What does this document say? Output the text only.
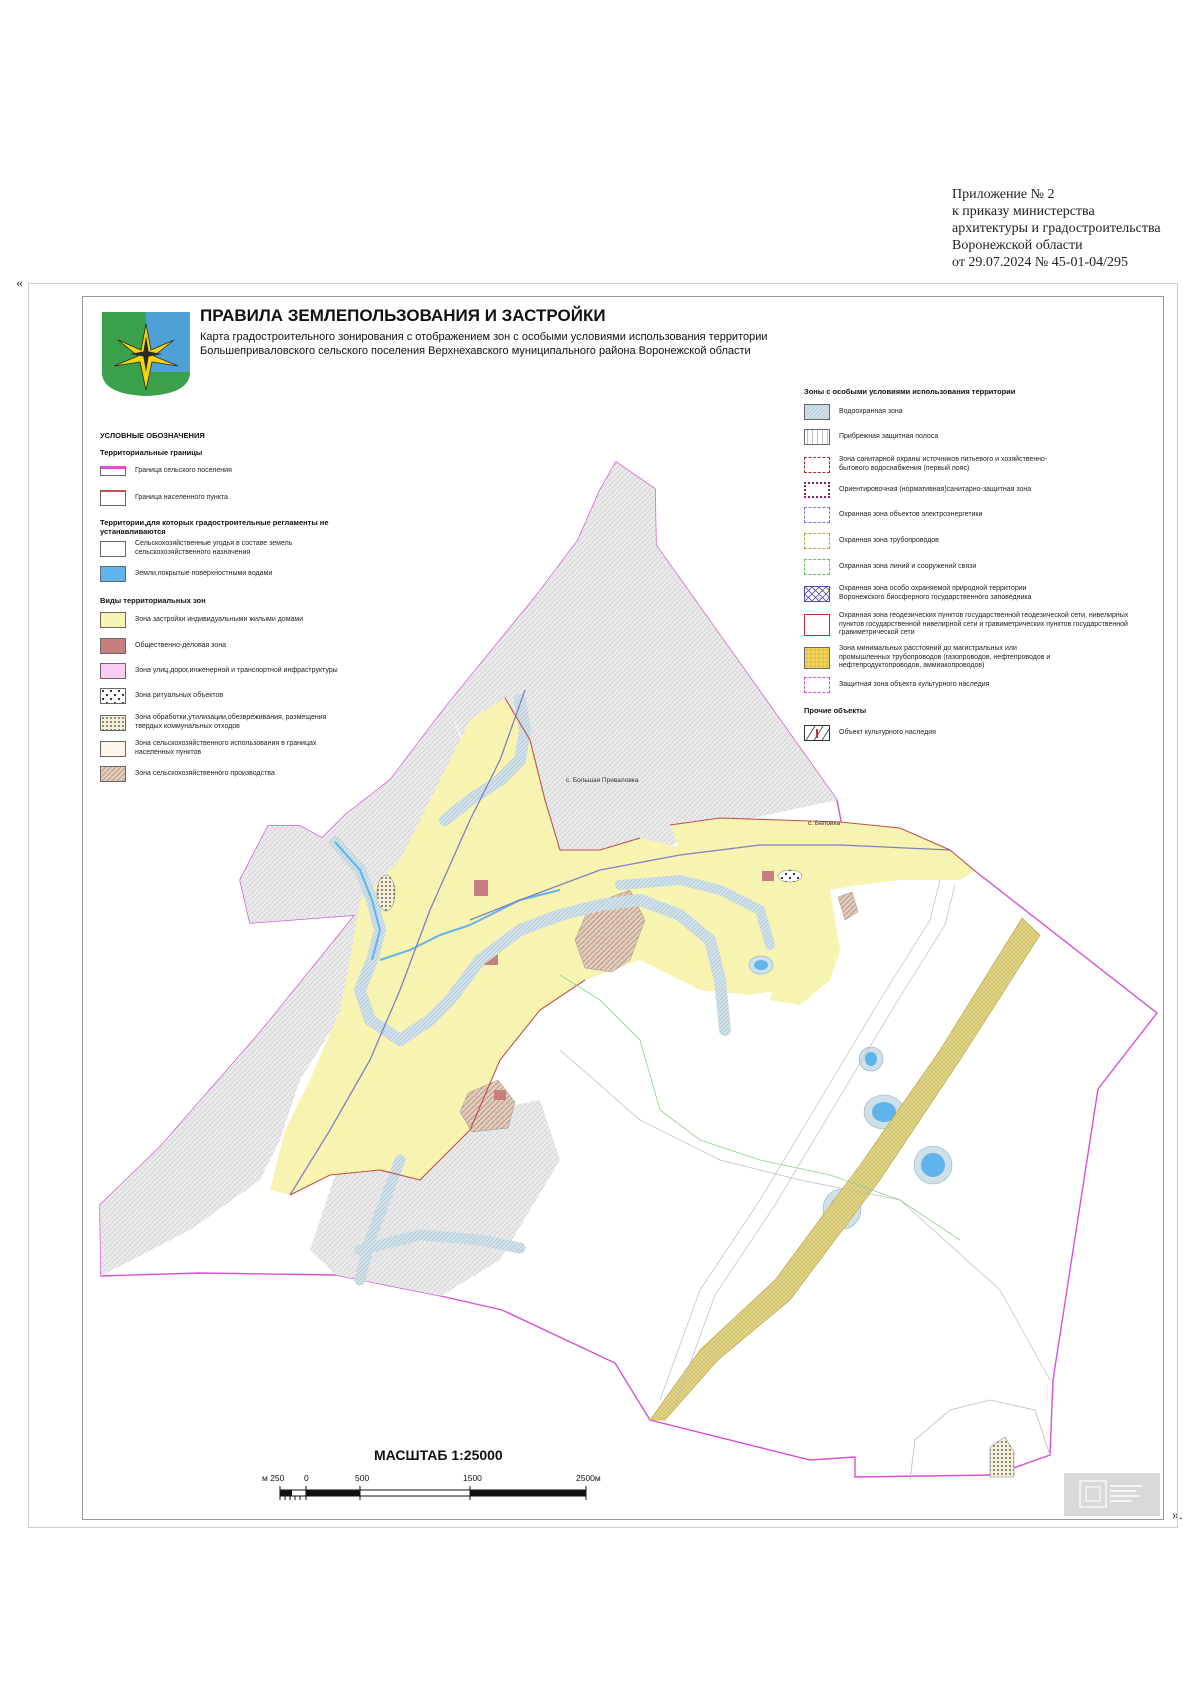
Приложение № 2
к приказу министерства
архитектуры и градостроительства
Воронежской области
от 29.07.2024 № 45-01-04/295
«
».
ПРАВИЛА ЗЕМЛЕПОЛЬЗОВАНИЯ И ЗАСТРОЙКИ
Карта градостроительного зонирования с отображением зон с особыми условиями использования территории
Большеприваловского сельского поселения Верхнехавского муниципального района Воронежской области
УСЛОВНЫЕ ОБОЗНАЧЕНИЯ
Территориальные границы
Граница сельского поселения
Граница населенного пункта
Территории,для которых градостроительные регламенты не устанавливаются
Сельскохозяйственные угодья в составе земель сельскохозяйственного назначения
Земли,покрытые поверхностными водами
Виды территориальных зон
Зона застройки индивидуальными жилыми домами
Общественно-деловая зона
Зона улиц,дорог,инженерной и транспортной инфраструктуры
Зона ритуальных объектов
Зона обработки,утилизации,обезвреживания, размещения твердых коммунальных отходов
Зона сельскохозяйственного использования в границах населенных пунктов
Зона сельскохозяйственного производства
Зоны с особыми условиями использования территории
Водоохранная зона
Прибрежная защитная полоса
Зона санитарной охраны источников питьевого и хозяйственно-бытового водоснабжения (первый пояс)
Ориентировочная (нормативная)санитарно-защитная зона
Охранная зона объектов электроэнергетики
Охранная зона трубопроводов
Охранная зона линий и сооружений связи
Охранная зона особо охраняемой природной территории Воронежского биосферного государственного заповедника
Охранная зона геодезических пунктов государственной геодезической сети, нивелирных пунктов государственной нивелирной сети и гравиметрических пунктов государственной гравиметрической сети
Зона минимальных расстояний до магистральных или промышленных трубопроводов (газопроводов, нефтепроводов и нефтепродуктопроводов, аммиакопроводов)
Защитная зона объекта культурного наследия
Прочие объекты
Объект культурного наследия
с. Большая Приваловка
с. Беловка
МАСШТАБ 1:25000
м 250 0	500	1500	2500м
